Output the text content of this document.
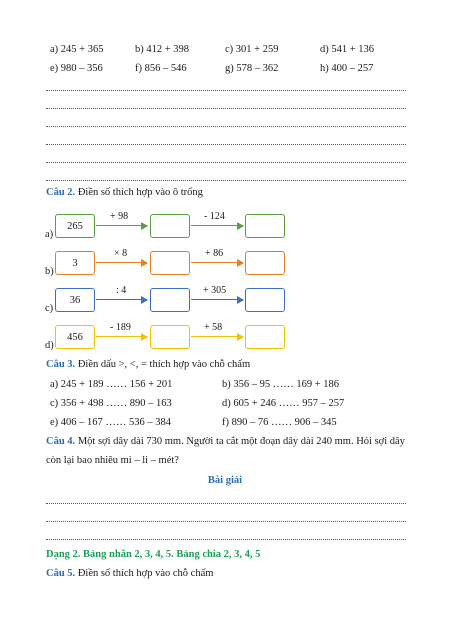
a) 245 + 365	b) 412 + 398	c) 301 + 259	d) 541 + 136
e) 980 – 356	f) 856 – 546	g) 578 – 362	h) 400 – 257
Câu 2. Điền số thích hợp vào ô trống
265
+ 98	- 124
a)
3
× 8	+ 86
b)
36
: 4	+ 305
c)
456
- 189	+ 58
d)
Câu 3. Điền dấu >, <, = thích hợp vào chỗ chấm
a) 245 + 189 …… 156 + 201	b) 356 – 95 …… 169 + 186
c) 356 + 498 …… 890 – 163	d) 605 + 246 …… 957 – 257
e) 406 – 167 …… 536 – 384	f) 890 – 76 …… 906 – 345
Câu 4. Một sợi dây dài 730 mm. Người ta cắt một đoạn dây dài 240 mm. Hỏi sợi dây
còn lại bao nhiêu mi – li – mét?
Bài giải
Dạng 2. Bảng nhân 2, 3, 4, 5. Bảng chia 2, 3, 4, 5
Câu 5. Điền số thích hợp vào chỗ chấm
